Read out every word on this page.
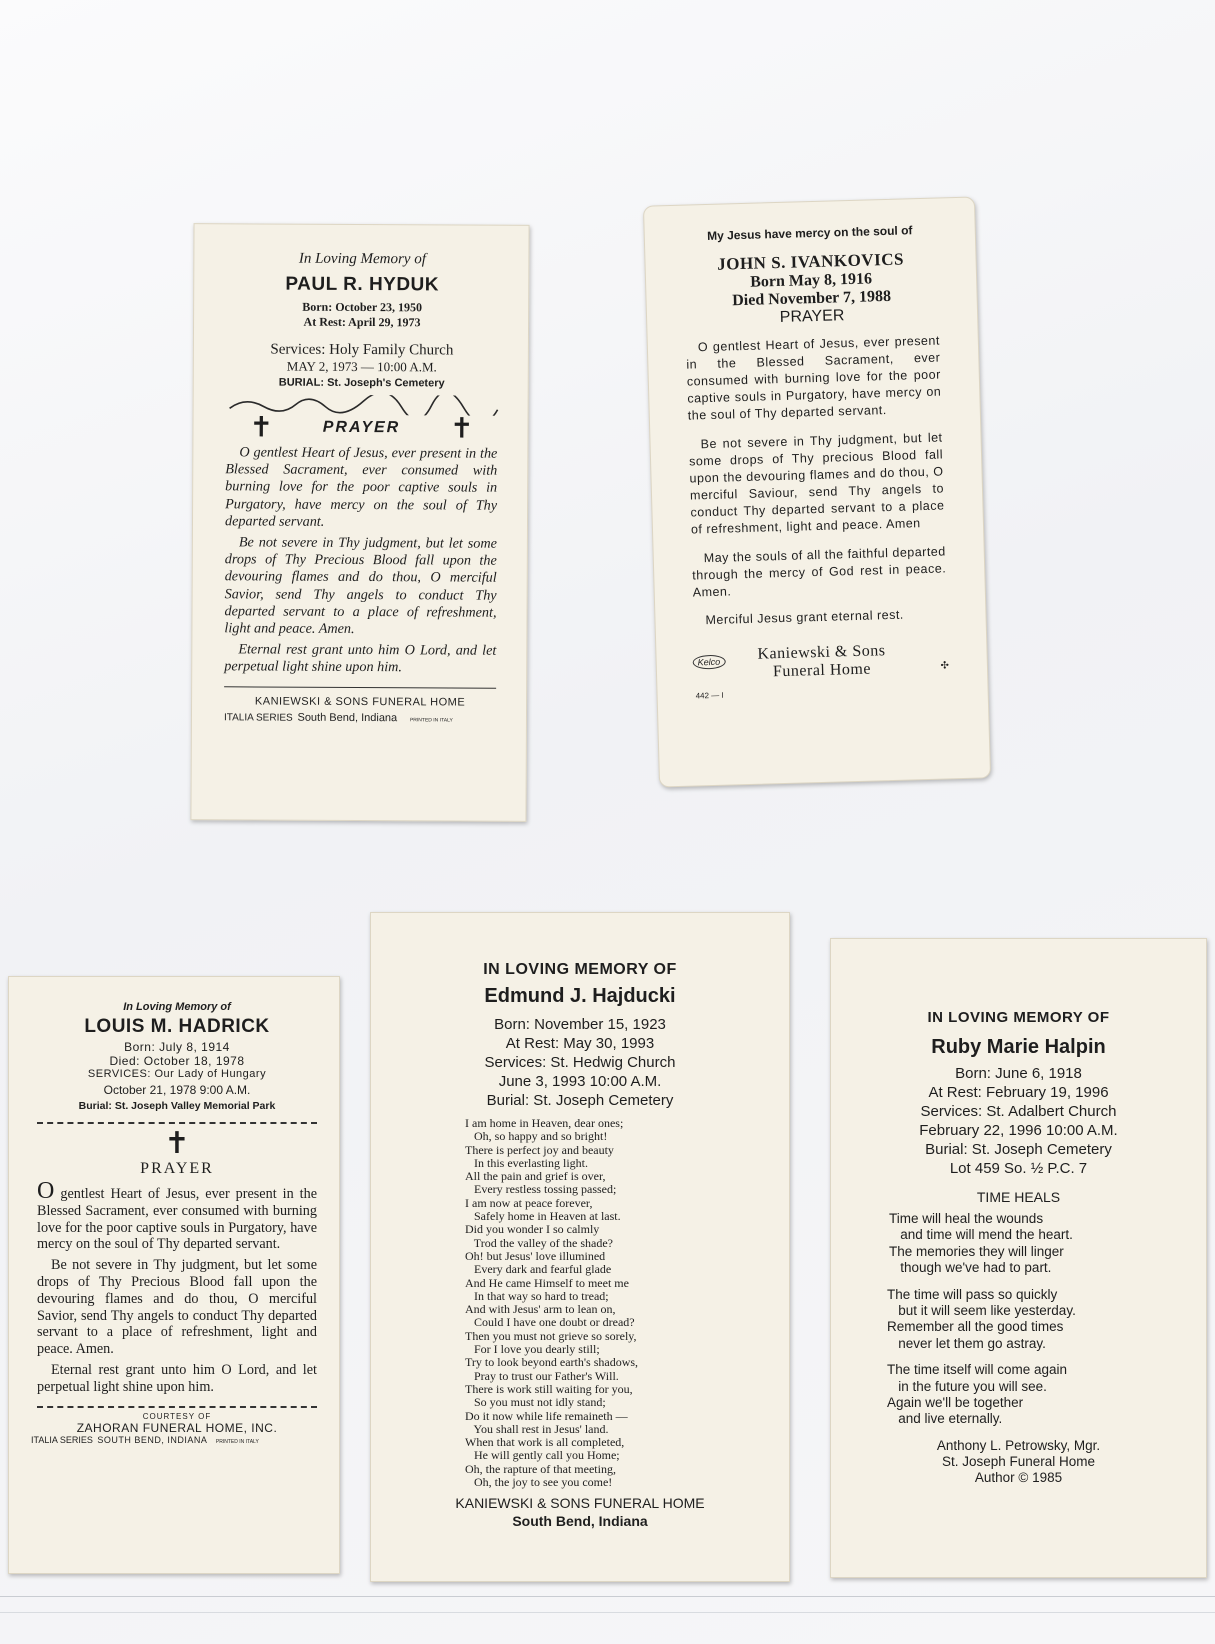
In Loving Memory of

PAUL R. HYDUK

Born: October 23, 1950

At Rest: April 29, 1973

Services: Holy Family Church

MAY 2, 1973 — 10:00 A.M.

BURIAL: St. Joseph's Cemetery

✝	PRAYER	✝

O gentlest Heart of Jesus, ever present in the Blessed Sacrament, ever consumed with burning love for the poor captive souls in Purgatory, have mercy on the soul of Thy departed servant.

Be not severe in Thy judgment, but let some drops of Thy Precious Blood fall upon the devouring flames and do thou, O merciful Savior, send Thy angels to conduct Thy departed servant to a place of refreshment, light and peace. Amen.

Eternal rest grant unto him O Lord, and let perpetual light shine upon him.

KANIEWSKI & SONS FUNERAL HOME

ITALIA SERIES South Bend, Indiana	PRINTED IN ITALY

My Jesus have mercy on the soul of

JOHN S. IVANKOVICS

Born May 8, 1916

Died November 7, 1988

PRAYER

O gentlest Heart of Jesus, ever present in the Blessed Sacrament, ever consumed with burning love for the poor captive souls in Purgatory, have mercy on the soul of Thy departed servant.

Be not severe in Thy judgment, but let some drops of Thy precious Blood fall upon the devouring flames and do thou, O merciful Saviour, send Thy angels to conduct Thy departed servant to a place of refreshment, light and peace. Amen

May the souls of all the faithful departed through the mercy of God rest in peace. Amen.

Merciful Jesus grant eternal rest.

Kelco	Kaniewski & Sons

Funeral Home

442 — I
✣

In Loving Memory of

LOUIS M. HADRICK

Born: July 8, 1914

Died: October 18, 1978

SERVICES: Our Lady of Hungary

October 21, 1978 9:00 A.M.

Burial: St. Joseph Valley Memorial Park

✝

PRAYER

O gentlest Heart of Jesus, ever present in the Blessed Sacrament, ever consumed with burning love for the poor captive souls in Purgatory, have mercy on the soul of Thy departed servant.

Be not severe in Thy judgment, but let some drops of Thy Precious Blood fall upon the devouring flames and do thou, O merciful Savior, send Thy angels to conduct Thy departed servant to a place of refreshment, light and peace. Amen.

Eternal rest grant unto him O Lord, and let perpetual light shine upon him.

COURTESY OF

ZAHORAN FUNERAL HOME, INC.

ITALIA SERIES SOUTH BEND, INDIANA PRINTED IN ITALY

IN LOVING MEMORY OF

Edmund J. Hajducki

Born: November 15, 1923

At Rest: May 30, 1993

Services: St. Hedwig Church

June 3, 1993 10:00 A.M.

Burial: St. Joseph Cemetery

I am home in Heaven, dear ones;
Oh, so happy and so bright!
There is perfect joy and beauty
In this everlasting light.
All the pain and grief is over,
Every restless tossing passed;
I am now at peace forever,
Safely home in Heaven at last.
Did you wonder I so calmly
Trod the valley of the shade?
Oh! but Jesus' love illumined
Every dark and fearful glade
And He came Himself to meet me
In that way so hard to tread;
And with Jesus' arm to lean on,
Could I have one doubt or dread?
Then you must not grieve so sorely,
For I love you dearly still;
Try to look beyond earth's shadows,
Pray to trust our Father's Will.
There is work still waiting for you,
So you must not idly stand;
Do it now while life remaineth —
You shall rest in Jesus' land.
When that work is all completed,
He will gently call you Home;
Oh, the rapture of that meeting,
Oh, the joy to see you come!

KANIEWSKI & SONS FUNERAL HOME

South Bend, Indiana

IN LOVING MEMORY OF

Ruby Marie Halpin

Born: June 6, 1918

At Rest: February 19, 1996

Services: St. Adalbert Church

February 22, 1996 10:00 A.M.

Burial: St. Joseph Cemetery

Lot 459 So. ½ P.C. 7

TIME HEALS

Time will heal the wounds
and time will mend the heart.
The memories they will linger
though we've had to part.
The time will pass so quickly
but it will seem like yesterday.
Remember all the good times
never let them go astray.
The time itself will come again
in the future you will see.
Again we'll be together
and live eternally.

Anthony L. Petrowsky, Mgr.

St. Joseph Funeral Home

Author © 1985
